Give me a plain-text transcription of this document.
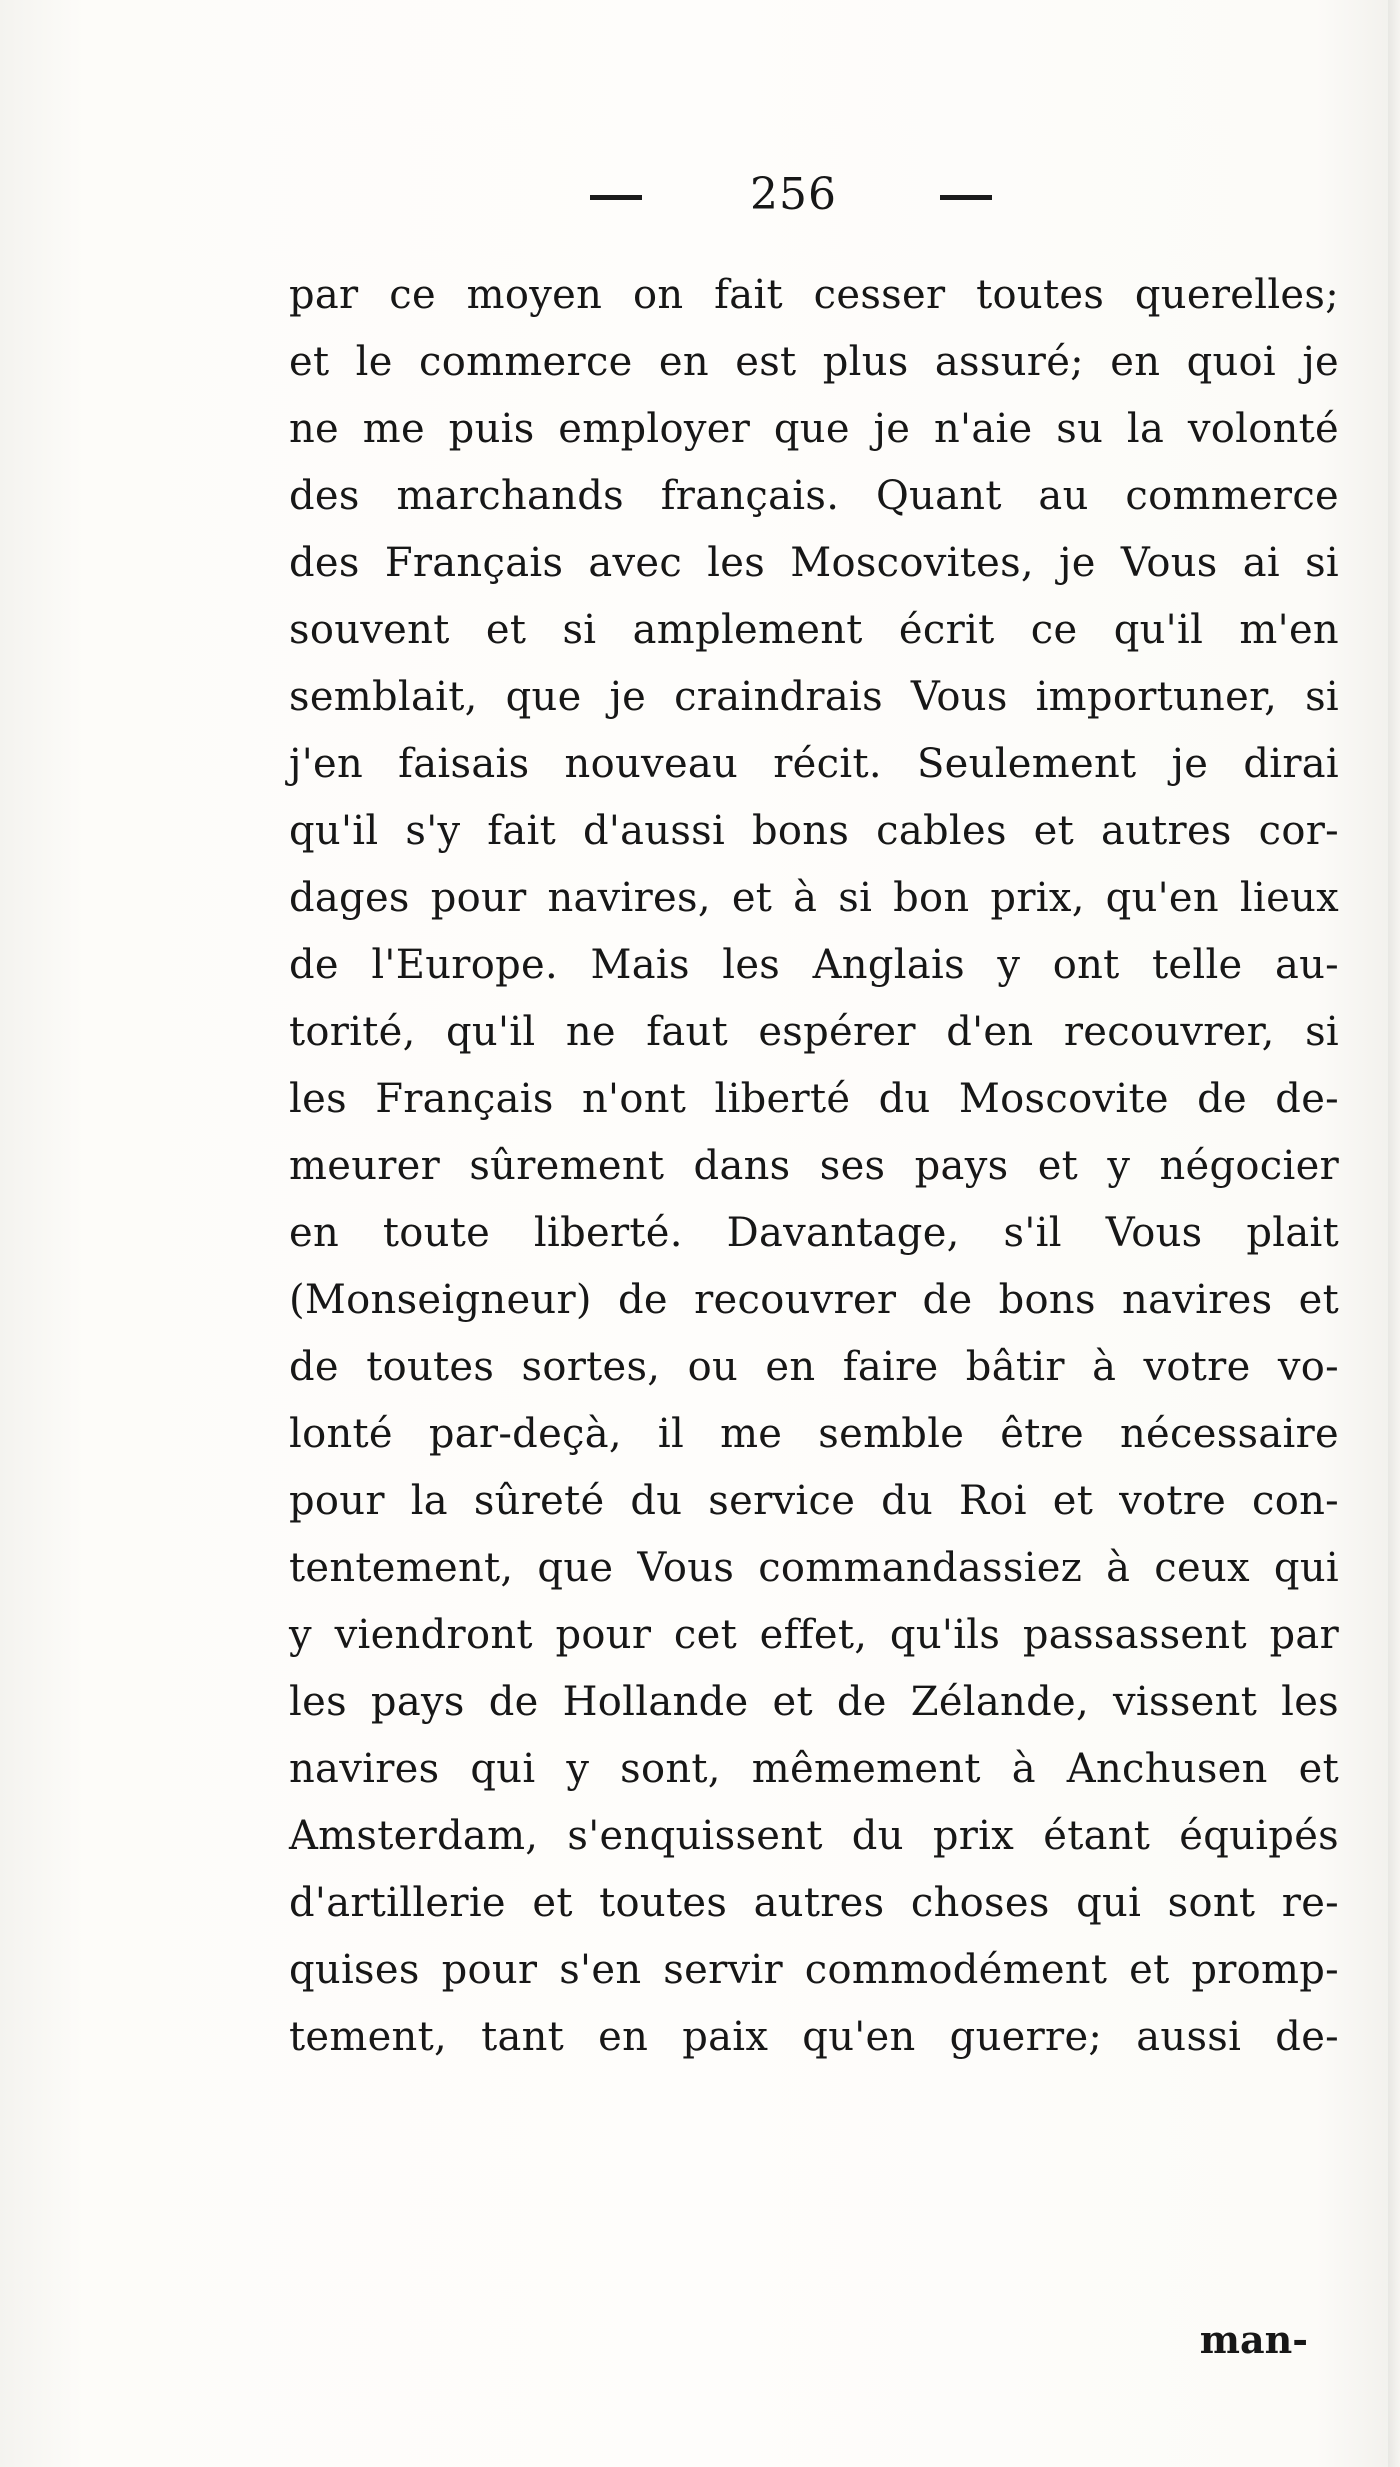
256
par ce moyen on fait cesser toutes querelles;
et le commerce en est plus assuré; en quoi je
ne me puis employer que je n'aie su la volonté
des marchands français. Quant au commerce
des Français avec les Moscovites, je Vous ai si
souvent et si amplement écrit ce qu'il m'en
semblait, que je craindrais Vous importuner, si
j'en faisais nouveau récit. Seulement je dirai
qu'il s'y fait d'aussi bons cables et autres cor-
dages pour navires, et à si bon prix, qu'en lieux
de l'Europe. Mais les Anglais y ont telle au-
torité, qu'il ne faut espérer d'en recouvrer, si
les Français n'ont liberté du Moscovite de de-
meurer sûrement dans ses pays et y négocier
en toute liberté. Davantage, s'il Vous plait
(Monseigneur) de recouvrer de bons navires et
de toutes sortes, ou en faire bâtir à votre vo-
lonté par-deçà, il me semble être nécessaire
pour la sûreté du service du Roi et votre con-
tentement, que Vous commandassiez à ceux qui
y viendront pour cet effet, qu'ils passassent par
les pays de Hollande et de Zélande, vissent les
navires qui y sont, mêmement à Anchusen et
Amsterdam, s'enquissent du prix étant équipés
d'artillerie et toutes autres choses qui sont re-
quises pour s'en servir commodément et promp-
tement, tant en paix qu'en guerre; aussi de-
man-
